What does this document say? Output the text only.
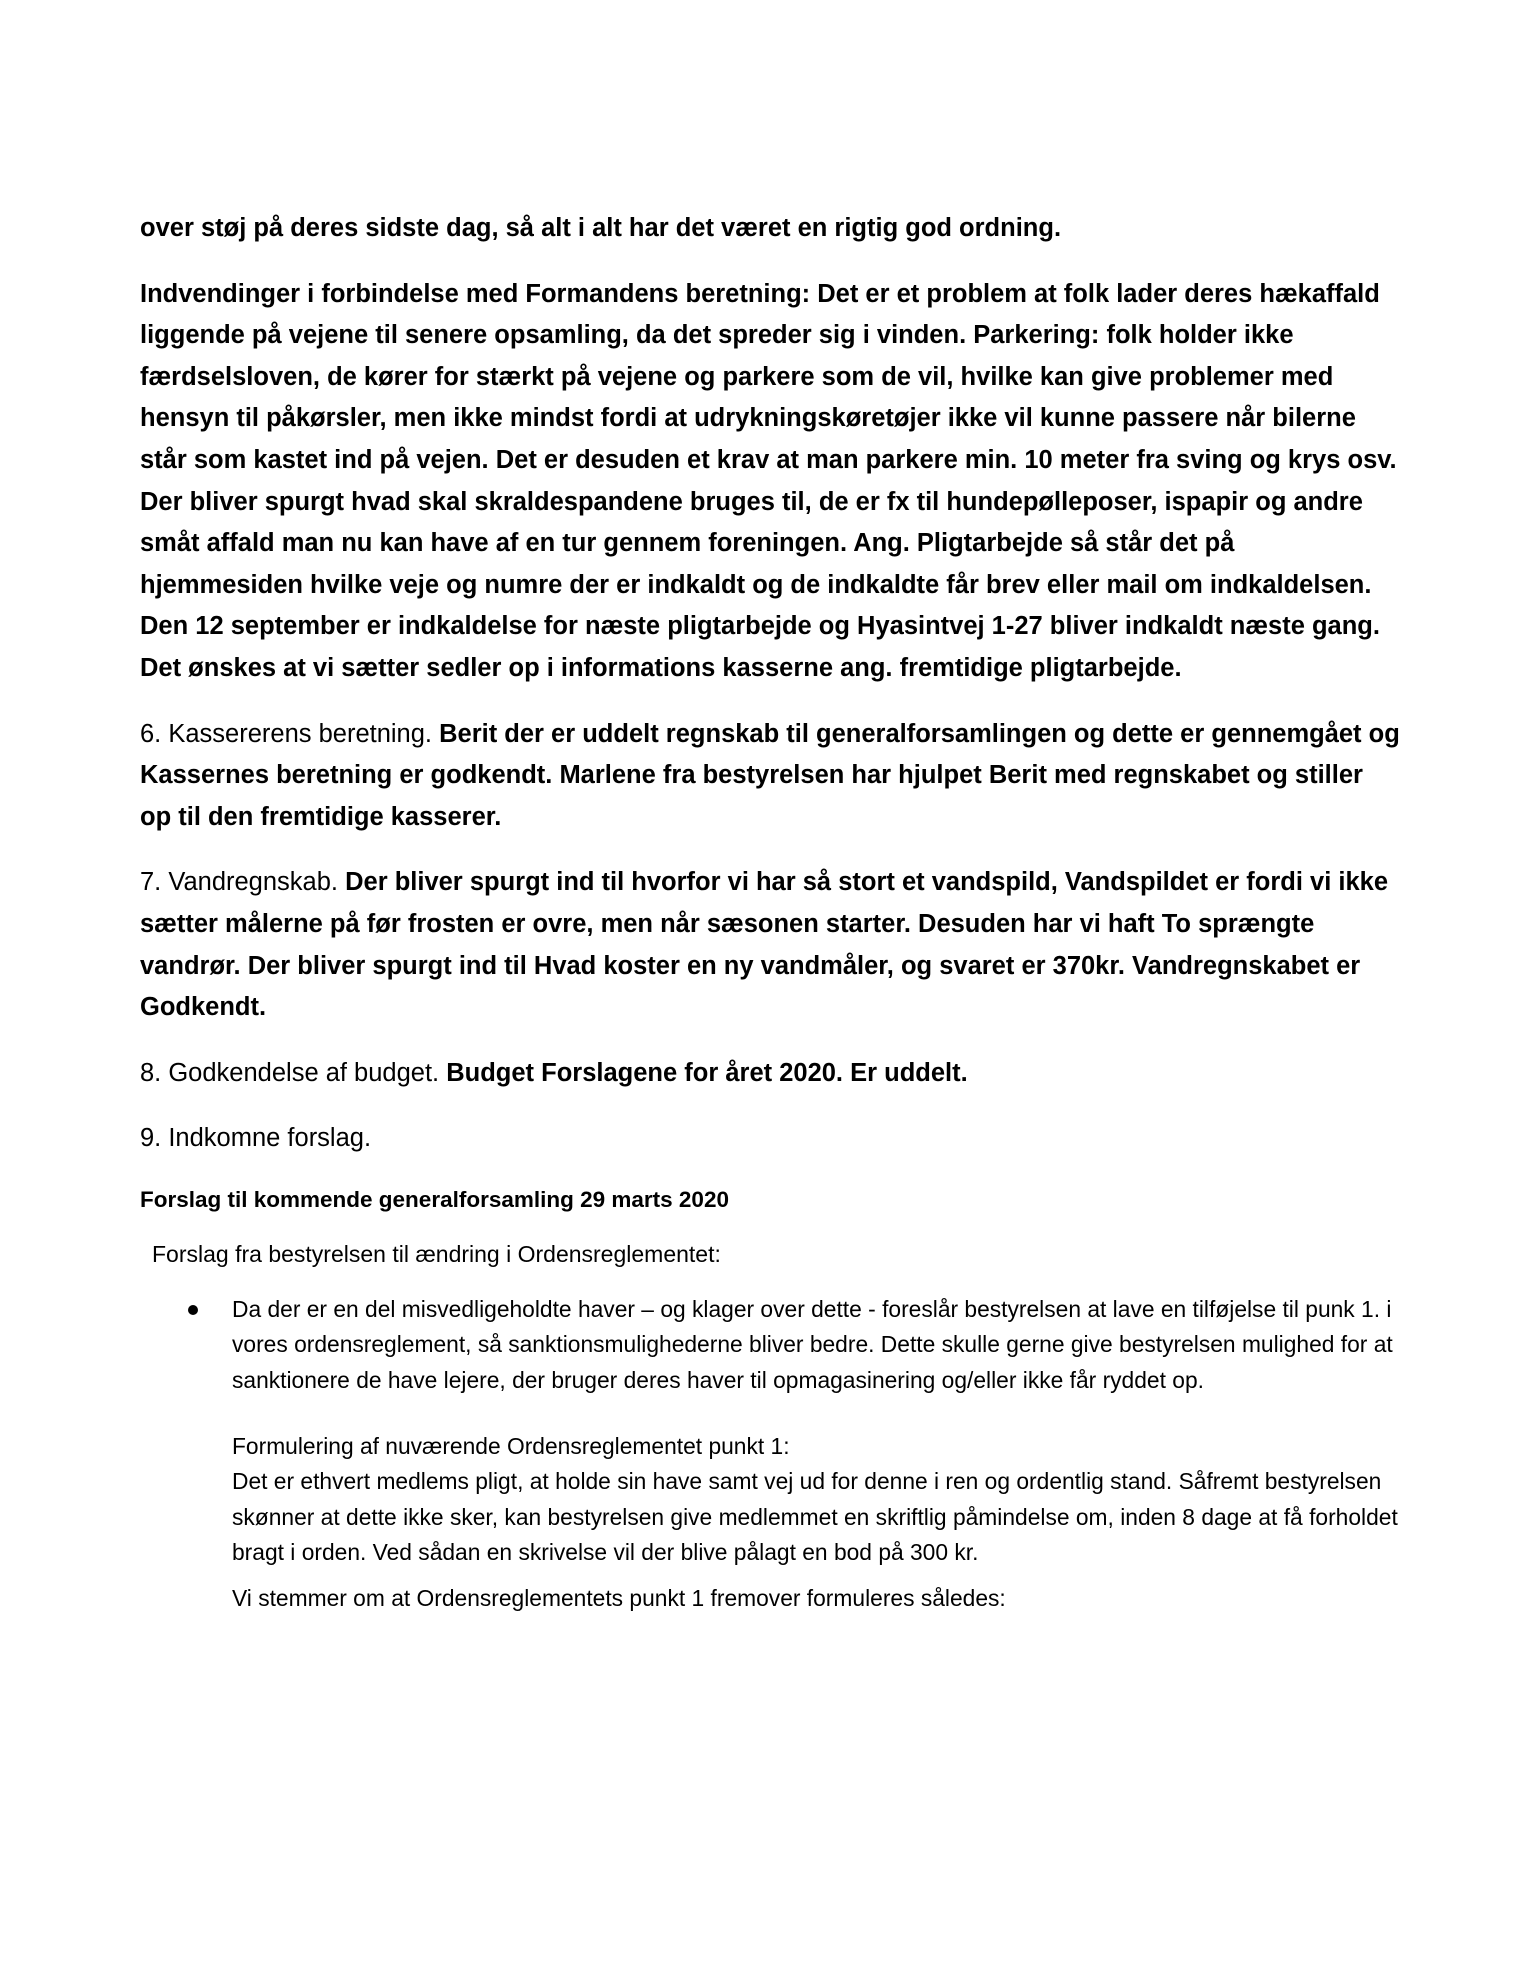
over støj på deres sidste dag, så alt i alt har det været en rigtig god ordning.

Indvendinger i forbindelse med Formandens beretning: Det er et problem at folk lader deres hækaffald liggende på vejene til senere opsamling, da det spreder sig i vinden. Parkering: folk holder ikke færdselsloven, de kører for stærkt på vejene og parkere som de vil, hvilke kan give problemer med hensyn til påkørsler, men ikke mindst fordi at udrykningskøretøjer ikke vil kunne passere når bilerne står som kastet ind på vejen. Det er desuden et krav at man parkere min. 10 meter fra sving og krys osv. Der bliver spurgt hvad skal skraldespandene bruges til, de er fx til hundepølleposer, ispapir og andre småt affald man nu kan have af en tur gennem foreningen. Ang. Pligtarbejde så står det på hjemmesiden hvilke veje og numre der er indkaldt og de indkaldte får brev eller mail om indkaldelsen. Den 12 september er indkaldelse for næste pligtarbejde og Hyasintvej 1-27 bliver indkaldt næste gang. Det ønskes at vi sætter sedler op i informations kasserne ang. fremtidige pligtarbejde.

6. Kassererens beretning. Berit der er uddelt regnskab til generalforsamlingen og dette er gennemgået og Kassernes beretning er godkendt. Marlene fra bestyrelsen har hjulpet Berit med regnskabet og stiller op til den fremtidige kasserer.

7. Vandregnskab. Der bliver spurgt ind til hvorfor vi har så stort et vandspild, Vandspildet er fordi vi ikke sætter målerne på før frosten er ovre, men når sæsonen starter. Desuden har vi haft To sprængte vandrør. Der bliver spurgt ind til Hvad koster en ny vandmåler, og svaret er 370kr. Vandregnskabet er Godkendt.

8. Godkendelse af budget. Budget Forslagene for året 2020. Er uddelt.

9. Indkomne forslag.

Forslag til kommende generalforsamling 29 marts 2020

Forslag fra bestyrelsen til ændring i Ordensreglementet:

Da der er en del misvedligeholdte haver – og klager over dette - foreslår bestyrelsen at lave en tilføjelse til punk 1. i vores ordensreglement, så sanktionsmulighederne bliver bedre. Dette skulle gerne give bestyrelsen mulighed for at sanktionere de have lejere, der bruger deres haver til opmagasinering og/eller ikke får ryddet op.

Formulering af nuværende Ordensreglementet punkt 1:

Det er ethvert medlems pligt, at holde sin have samt vej ud for denne i ren og ordentlig stand. Såfremt bestyrelsen skønner at dette ikke sker, kan bestyrelsen give medlemmet en skriftlig påmindelse om, inden 8 dage at få forholdet bragt i orden. Ved sådan en skrivelse vil der blive pålagt en bod på 300 kr.

Vi stemmer om at Ordensreglementets punkt 1 fremover formuleres således:
